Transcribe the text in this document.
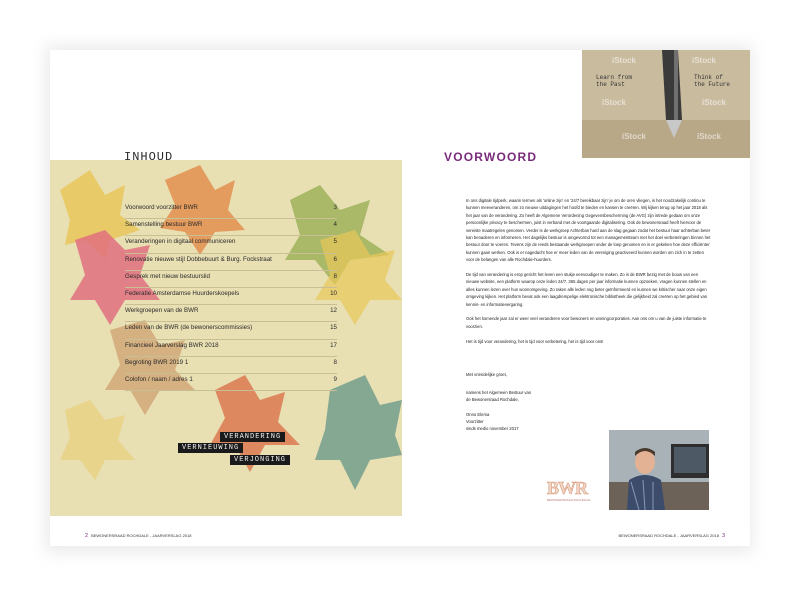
INHOUD
Voorwoord voorzitter BWR	3
Samenstelling bestuur BWR	4
Veranderingen in digitaal communiceren	5
Renovatie nieuwe stijl Dobbebuurt & Burg. Fockstraat	6
Gesprek met nieuw bestuurslid	8
Federatie Amsterdamse Huurderskoepels	10
Werkgroepen van de BWR	12
Leden van de BWR (de bewonerscommissies)	15
Financieel Jaarverslag BWR 2018	17
Begroting BWR 2019 1	8
Colofon / naam / adres 1	9
VERANDERING
VERNIEUWING
VERJONGING
2 BEWONERSRAAD ROCHDALE - JAARVERSLAG 2018
Learn from
the Past
Think of
the Future
iStock	iStock
iStock	iStock
iStock	iStock
VOORWOORD

In ons digitale tijdperk, waarin termen als 'online zijn' en '24/7 bereikbaar zijn' je om de oren vliegen, is het noodzakelijk continu te kunnen meeveranderen, om zo nieuwe uitdagingen het hoofd te bieden en kansen te creëren. Wij kijken terug op het jaar 2018 als het jaar van de verandering. Zo heeft de Algemene Verordening Gegevensbescherming (de AVG) zijn intrede gedaan om onze persoonlijke privacy te beschermen, juist in verband met de voortgaande digitalisering. Ook de bewonersraad heeft hiervoor de vereiste maatregelen genomen. Verder is de werkgroep Achterban hard aan de slag gegaan zodat het bestuur haar achterban beter kan benaderen en informeren. Het dagelijks bestuur is omgevormd tot een managementteam met het doel verbeteringen binnen het bestuur door te voeren. Tevens zijn de reeds bestaande werkgroepen onder de loep genomen en is er gekeken hoe deze efficiënter kunnen gaan werken. Ook is er nagedacht hoe er meer leden van de vereniging geactiveerd kunnen worden om zich in te zetten voor de belangen van alle Rochdale-huurders.

De tijd van verandering is erop gericht het leven een stukje eenvoudiger te maken. Zo is de BWR bezig met de bouw van een nieuwe website, een platform waarop onze leden 24/7, 365 dagen per jaar informatie kunnen opzoeken, vragen kunnen stellen en alles kunnen lezen over hun woonomgeving. Zo raken alle leden nog beter geïnformeerd en kunnen we kritischer naar onze eigen omgeving kijken. Het platform bevat ook een laagdrempelige elektronische bibliotheek die gelijkheid zal creëren op het gebied van kennis- en informatievergaring.

Ook het komende jaar zal er weer veel veranderen voor bewoners en woningcorporaties. Aan ons om u van de juiste informatie te voorzien.

Het is tijd voor verandering, het is tijd voor verbetering, het is tijd voor ons!

Met vriendelijke groet,
namens het Algemeen Bestuur van
de Bewonersraad Rochdale,
Onno Elema
Voorzitter
sinds medio november 2017
BWR
BEWONERSRAAD ROCHDALE
BEWONERSRAAD ROCHDALE - JAARVERSLAG 2018 3
